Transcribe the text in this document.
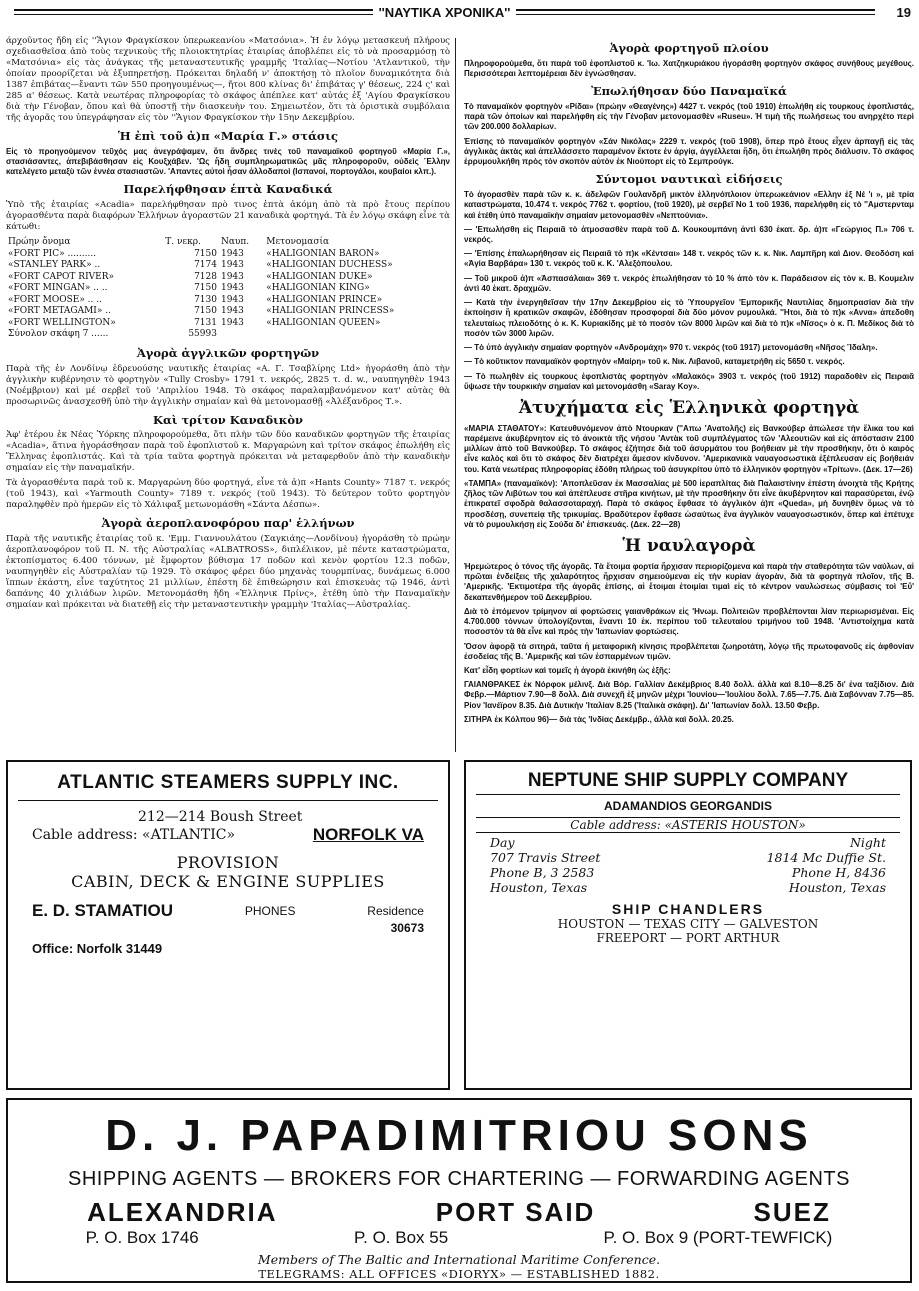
''ΝΑΥΤΙΚΑ ΧΡΟΝΙΚΑ''	19

άρχοῦντος ἤδη εἰς ''Ἅγιον Φραγκίσκον ὑπερωκεανίου «Ματσόνια». Ἡ ἐν λόγῳ μετασκευή πλήρους σχεδιασθεῖσα ἀπὸ τοὺς τεχνικοὺς τῆς πλοιοκτητρίας ἑταιρίας ἀποβλέπει εἰς τὸ νὰ προσαρμόσῃ τὸ «Ματσόνια» εἰς τὰς ἀνάγκας τῆς μεταναστευτικῆς γραμμῆς 'Ιταλίας—Νοτίου 'Ατλαντικοῦ, τὴν ὁποίαν προορίζεται νὰ ἐξυπηρετήσῃ. Πρόκειται δηλαδή ν' ἀποκτήσῃ τὸ πλοῖον δυναμικότητα διὰ 1387 ἐπιβάτας—ἔναντι τῶν 550 προηγουμένως—, ἤτοι 800 κλίνας δι' ἐπιβάτας γ' θέσεως, 224 ς' καὶ 285 α' θέσεως. Κατὰ νεωτέρας πληροφορίας τὸ σκάφος ἀπέπλεε κατ' αὐτάς ἐξ 'Αγίου Φραγκίσκου διὰ τὴν Γένοβαν, ὅπου καὶ θὰ ὑποστῇ τὴν διασκευὴν του. Σημειωτέον, ὅτι τὰ ὁριστικὰ συμβόλαια τῆς ἀγορᾶς του ὑπεγράφησαν εἰς τὸν ''Ἅγιον Φραγκίσκον τὴν 15ην Δεκεμβρίου.

Ἡ ἐπὶ τοῦ ἀ)π «Μαρία Γ.» στάσις

Εἰς τὸ προηγούμενον τεῦχός μας ἀνεγράψαμεν, ὅτι ἄνδρες τινὲς τοῦ παναμαϊκοῦ φορτηγοῦ «Μαρία Γ.», στασιάσαντες, ἀπεβιβάσθησαν εἰς Κουξχάβεν. 'Ως ἤδη συμπληρωματικῶς μᾶς πληροφοροῦν, οὐδεὶς Ἕλλην κατελέγετο μεταξὺ τῶν ἐννέα στασιαστῶν. 'Απαντες αὐτοὶ ἦσαν ἀλλοδαποὶ (Ισπανοί, πορτογάλοι, κουβαίοι κλπ.).

Παρελήφθησαν ἑπτὰ Καναδικά

Ὑπὸ τῆς ἑταιρίας «Acadia» παρελήφθησαν πρὸ τινος ἑπτὰ ἀκόμη ἀπὸ τὰ πρὸ ἔτους περίπου ἀγορασθέντα παρὰ διαφόρων Ἑλλήνων ἀγοραστῶν 21 καναδικὰ φορτηγά. Τὰ ἐν λόγῳ σκάφη εἶνε τὰ κάτωθι:

Πρώην ὄνομα	Τ. νεκρ.	Ναυπ.	Μετονομασία
«FORT PIC» ..........	7150	1943	«HALIGONIAN BARON»
«STANLEY PARK» ..	7174	1943	«HALIGONIAN DUCHESS»
«FORT CAPOT RIVER»	7128	1943	«HALIGONIAN DUKE»
«FORT MINGAN» .. ..	7150	1943	«HALIGONIAN KING»
«FORT MOOSE» .. ..	7130	1943	«HALIGONIAN PRINCE»
«FORT METAGAMI» ..	7150	1943	«HALIGONIAN PRINCESS»
«FORT WELLINGTON»	7131	1943	«HALIGONIAN QUEEN»
Σύνολον σκάφη 7 ......	55993		
Ἀγορὰ ἀγγλικῶν φορτηγῶν

Παρὰ τῆς ἐν Λονδίνῳ ἐδρευούσης ναυτικῆς ἑταιρίας «Α. Γ. Τσαβλίρης Ltd» ἠγοράσθη ἀπὸ τὴν ἀγγλικὴν κυβέρνησιν τὸ φορτηγὸν «Tully Crosby» 1791 τ. νεκρός, 2825 τ. d. w., ναυπηγηθὲν 1943 (Νοέμβριον) καὶ μέ σερβεῖ τοῦ 'Απριλίου 1948. Τὸ σκάφος παραλαμβανόμενον κατ' αὐτὰς θὰ προσωρινῶς ἀνασχεσθῆ ὑπὸ τὴν ἀγγλικὴν σημαίαν καὶ θὰ μετονομασθῇ «Ἀλέξανδρος Τ.».

Καὶ τρίτον Καναδικὸν

Ἀφ' ἑτέρου ἐκ Νέας Ὑόρκης πληροφορούμεθα, ὅτι πλὴν τῶν δύο καναδικῶν φορτηγῶν τῆς ἑταιρίας «Acadia», ἅτινα ἠγοράσθησαν παρὰ τοῦ ἐφοπλιστοῦ κ. Μαργαρώνη καὶ τρίτον σκάφος ἐπωλήθη εἰς Ἕλληνας ἐφοπλιστάς. Καὶ τὰ τρία ταῦτα φορτηγὰ πρόκειται νὰ μεταφερθοῦν ἀπὸ τὴν καναδικὴν σημαίαν εἰς τὴν παναμαϊκήν.

Τὰ ἀγορασθέντα παρὰ τοῦ κ. Μαργαρώνη δύο φορτηγά, εἶνε τὰ ἀ)π «Hants County» 7187 τ. νεκρός (τοῦ 1943), καὶ «Yarmouth County» 7189 τ. νεκρός (τοῦ 1943). Τὸ δεύτερον τοῦτο φορτηγὸν παραληφθὲν πρὸ ἡμερῶν εἰς τὸ Χάλιφαξ μετωνομάσθη «Σάντα Δέσπω».

Ἀγορὰ ἀεροπλανοφόρου παρ' ἑλλήνων

Παρὰ τῆς ναυτικῆς ἑταιρίας τοῦ κ. 'Εμμ. Γιαννουλάτου (Σαγκιάης—Λονδίνου) ἠγοράσθη τὸ πρώην ἀεροπλανοφόρον τοῦ Π. Ν. τῆς Αὐστραλίας «ALBATROSS», διπλέλικον, μὲ πέντε καταστρώματα, ἐκτοπίσματος 6.400 τόννων, μὲ ἔμφορτον βύθισμα 17 ποδῶν καὶ κενὸν φορτίου 12.3 ποδῶν, ναυπηγηθὲν εἰς Αὐστραλίαν τῷ 1929. Τὸ σκάφος φέρει δύο μηχανὰς τουρμπίνας, δυνάμεως 6.000 ἵππων ἑκάστη, εἶνε ταχύτητος 21 μιλλίων, ἐπέστη δὲ ἐπιθεώρησιν καὶ ἐπισκευὰς τῷ 1946, ἀντὶ δαπάνης 40 χιλιάδων λιρῶν. Μετονομάσθη ἤδη «Ἑλληνικ Πρίνς», ἐτέθη ὑπὸ τὴν Παναμαϊκὴν σημαίαν καὶ πρόκειται νὰ διατεθῇ εἰς τὴν μεταναστευτικὴν γραμμὴν 'Ιταλίας—Αὐστραλίας.

Ἀγορὰ φορτηγοῦ πλοίου

Πληροφορούμεθα, ὅτι παρὰ τοῦ ἐφοπλιστοῦ κ. 'Ιω. Χατζηκυριάκου ἠγοράσθη φορτηγὸν σκάφος συνήθους μεγέθους. Περισσότεραι λεπτομέρειαι δὲν ἐγνώσθησαν.

Ἐπωλήθησαν δύο Παναμαϊκά

Τὸ παναμαϊκὸν φορτηγὸν «Ρίδαι» (πρώην «Θεαγένης») 4427 τ. νεκρός (τοῦ 1910) ἐπωλήθη εἰς τουρκους ἐφοπλιστάς, παρὰ τῶν ὁποίων καὶ παρελήφθη εἰς τὴν Γένοβαν μετονομασθὲν «Ruseu». Ἡ τιμὴ τῆς πωλήσεως του ανηρχέτο περὶ τῶν 200.000 δολλαρίων.

Ἐπίσης τὸ παναμαϊκὸν φορτηγὸν «Σάν Νικόλας» 2229 τ. νεκρός (τοῦ 1908), ὅπερ πρὸ ἔτους εἶχεν ἀρπαγῇ εἰς τὰς ἀγγλικὰς ἀκτὰς καὶ ἀπελλάσσετο παραμένον ἔκτοτε ἐν ἀργίᾳ, ἀγγέλλεται ἤδη, ὅτι ἐπωλήθη πρὸς διάλυσιν. Τὸ σκάφος ἐρρυμουλκήθη πρὸς τὸν σκοπὸν αὐτὸν ἐκ Νιούπορτ εἰς τὸ Σεμπρούγκ.

Σύντομοι ναυτικαὶ εἰδήσεις

Τὸ ἀγορασθὲν παρὰ τῶν κ. κ. ἀδελφῶν Γουλανδρῆ μικτὸν ἑλληνόπλοιον ὑπερωκεάνιον «Ελλην ἐξ Νέ 'ι », μὲ τρία καταστρώματα, 10.474 τ. νεκρός 7762 τ. φορτίου, (τοῦ 1920), μὲ σερβεῖ Νο 1 τοῦ 1936, παρελήφθη εἰς τὸ ''Αμστερνταμ καὶ ἐτέθη ὑπὸ παναμαϊκὴν σημαίαν μετονομασθὲν «Νεπτούνια».

— 'Επωλήσθη εἰς Πειραιᾶ τὸ ἀτμοσασθὲν παρὰ τοῦ Δ. Κουκουμπάνη ἀντὶ 630 ἑκατ. δρ. ἀ)π «Γεώργιος Π.» 706 τ. νεκρός.

— 'Επίσης ἐπαλωρήθησαν εἰς Πειραιᾶ τὸ π)κ «Κέντσαι» 148 τ. νεκρός τῶν κ. κ. Νικ. Λαμπῆρη καὶ Διον. Θεοδόση καὶ «Ἁγία Βαρβάρα» 130 τ. νεκρός τοῦ κ. Κ. 'Αλεξόπουλου.

— Τοῦ μικροῦ ἀ)π «Ἁσπασάλαια» 369 τ. νεκρός ἐπωλήθησαν τὸ 10 % ἀπὸ τὸν κ. Παράδεισον εἰς τὸν κ. Β. Κουμελιν ἀντὶ 40 ἑκατ. δραχμῶν.

— Κατὰ τὴν ἐνεργηθεῖσαν τὴν 17ην Δεκεμβρίου εἰς τὸ Ὑπουργεῖον 'Εμπορικῆς Ναυτιλίας δημοπρασίαν διὰ τὴν ἐκποίησιν ἢ κρατικῶν σκαφῶν, ἐδόθησαν προσφοραί διὰ δύο μόνον ρυμουλκά. ''Ητοι, διὰ τὸ π)κ «Αννα» ἀπεδοθη τελευταίως πλειοδότης ὁ κ. Κ. Κυριακίδης μὲ τὸ ποσὸν τῶν 8000 λιρῶν καὶ διὰ τὸ π)κ «Νῖσος» ὁ κ. Π. Μεδίκος διὰ τὸ ποσὸν τῶν 3000 λιρῶν.

— Τὸ ὑπὸ ἀγγλικὴν σημαίαν φορτηγὸν «Ανδρομάχη» 970 τ. νεκρός (τοῦ 1917) μετονομάσθη «Νῆσος Ἴδαλη».

— Τὸ κοῦτικτον παναμαϊκὸν φορτηγὸν «Μαίρη» τοῦ κ. Νικ. Λιβανοῦ, καταμετρήθη εἰς 5650 τ. νεκρός.

— Τὸ πωληθὲν εἰς τουρκους ἐφοπλιστὰς φορτηγὸν «Μαλακός» 3903 τ. νεκρός (τοῦ 1912) παραδοθὲν εἰς Πειραιᾶ ὕψωσε τὴν τουρκικὴν σημαίαν καὶ μετονομάσθη «Saray Koy».

Ἀτυχήματα εἰς Ἑλληνικὰ φορτηγὰ

«ΜΑΡΙΑ ΣΤΑΘΑΤΟΥ»: Κατευθυνόμενον ἀπὸ Ντουρκαν (''Απω 'Ανατολῆς) εἰς Βανκούβερ ἀπώλεσε τὴν ἕλικα του καὶ παρέμεινε ἀκυβέρνητον εἰς τὸ ἀνοικτὰ τῆς νήσου 'Αντὰκ τοῦ συμπλέγματος τῶν 'Αλεουτιῶν καὶ εἰς ἀπόστασιν 2100 μιλλίων ἀπὸ τοῦ Βανκούβερ. Τὸ σκάφος ἐζήτησε διὰ τοῦ ἀσυρμάτου του βοήθειαν μὲ τὴν προσθήκην, ὅτι ὁ καιρὸς εἶνε καλὸς καὶ ὅτι τὸ σκάφος δὲν διατρέχει ἄμεσον κίνδυνον. 'Αμερικανικὰ ναυαγοσωστικὰ ἐξέπλευσαν εἰς βοήθειάν του. Κατὰ νεωτέρας πληροφορίας ἐδόθη πλήρως τοῦ ἀσυγκρίτου ὑπὸ τὸ ἑλληνικὸν φορτηγὸν «Τρίτων». (Δεκ. 17—26)

«ΤΑΜΠΑ» (παναμαϊκόν): 'Αποπλεῦσαν ἐκ Μασσαλίας μὲ 500 ἱεραπλίτας διὰ Παλαιστίνην ἐπέστη ἀνοιχτὰ τῆς Κρήτης ζῆλος τῶν Λιβύτων του καὶ ἀπέπλευσε στῆρα κινήτων, μὲ τὴν προσθήκην ὅτι εἶνε ἀκυβέρνητον καὶ παρασύρεται, ἐνῷ ἐπικρατεῖ σφοδρὰ θαλασσοταραχή. Παρὰ τὸ σκάφος ἔφθασε τὸ ἀγγλικὸν ἀ)π «Queda», μὴ δυνηθὲν ὅμως νὰ τὸ προσδέσῃ, συνεπείᾳ τῆς τρικυμίας. Βραδύτερον ἔφθασε ὡσαύτως ἕνα ἀγγλικὸν ναυαγοσωστικόν, ὅπερ καὶ ἐπέτυχε νὰ τὸ ρυμουλκήσῃ εἰς Σούδα δι' ἐπισκευάς. (Δεκ. 22—28)

Ἡ ναυλαγορὰ

Ἠρεμώτερος ὁ τόνος τῆς ἀγορᾶς. Τὰ ἕτοιμα φορτία ἤρχισαν περιορίζομενα καὶ παρὰ τὴν σταθερότητα τῶν ναύλων, αἱ πρῶται ἐνδείξεις τῆς χαλαρότητος ἤρχισαν σημειούμεναι εἰς τὴν κυρίαν ἀγορὰν, διὰ τὰ φορτηγὰ πλοῖον, τῆς Β. 'Αμερικῆς. 'Εκτιμοτέρα τῆς ἀγορᾶς ἐπίσης, αἱ ἕτοιμαι ἑτοιμίαι τιμαὶ εἰς τὸ κέντρον ναυλώσεως σύμβασις τοὶ 'Εὔ' δεκαπενθήμερον τοῦ Δεκεμβρίου.

Διὰ τὸ ἐπόμενον τρίμηνον αἱ φορτώσεις γαιανθράκων εἰς 'Ηνωμ. Πολιτειῶν προβλέπονται λίαν περιωρισμέναι. Εἰς 4.700.000 τόννων ὑπολογίζονται, ἔναντι 10 ἑκ. περίπου τοῦ τελευταίου τριμήνου τοῦ 1948. 'Αντιστοίχημα κατὰ ποσοστὸν τὰ θὰ εἶνε καὶ πρὸς τὴν 'Ιαπωνίαν φορτώσεις.

Ὅσον ἀφορᾷ τὰ σιτηρά, ταῦτα ἡ μεταφορικὴ κίνησις προβλέπεται ζωηροτάτη, λόγῳ τῆς πρωτοφανοῦς εἰς ἀφθονίαν ἐσοδείας τῆς Β. 'Αμερικῆς καὶ τῶν ἐσπαρμένων τιμῶν.

Κατ' εἶδη φορτίων καὶ τομεῖς ἡ ἀγορὰ ἐκινήθη ὡς ἑξῆς:

ΓΑΙΑΝΘΡΑΚΕΣ ἐκ Νόρφοκ μέλινξ. Διὰ Βόρ. Γαλλίαν Δεκέμβριος 8.40 δολλ. ἀλλὰ καὶ 8.10—8.25 δι' ἐνα ταξίδιον. Διὰ Φεβρ.—Μάρτιον 7.90—8 δολλ. Διὰ συνεχῆ ἐξ μηνῶν μέχρι 'Ιουνίου—'Ιουλίου δολλ. 7.65—7.75. Διὰ Σαβόνναν 7.75—85. Ρίον 'Ιανέϊρον 8.35. Διὰ Δυτικὴν 'Ιταλίαν 8.25 ('Ιταλικὰ σκάφη). Δι' 'Ιαπωνίαν δολλ. 13.50 Φεβρ.

ΣΙΤΗΡΑ ἐκ Κόλπου 96)— διὰ τὰς 'Ινδίας Δεκέμβρ., ἀλλὰ καὶ δολλ. 20.25.

ATLANTIC STEAMERS SUPPLY INC.
212—214 Boush Street
Cable address: «ATLANTIC»	NORFOLK VA
PROVISION
CABIN, DECK & ENGINE SUPPLIES
E. D. STAMATIOU	PHONES	Residence
30673
Office: Norfolk 31449
NEPTUNE SHIP SUPPLY COMPANY
ADAMANDIOS GEORGANDIS
Cable address: «ASTERIS HOUSTON»
Day
707 Travis Street
Phone B, 3 2583
Houston, Texas
Night
1814 Mc Duffie St.
Phone H, 8436
Houston, Texas
SHIP CHANDLERS
HOUSTON — TEXAS CITY — GALVESTON
FREEPORT — PORT ARTHUR
D. J. PAPADIMITRIOU SONS
SHIPPING AGENTS — BROKERS FOR CHARTERING — FORWARDING AGENTS
ALEXANDRIA	PORT SAID	SUEZ
P. O. Box 1746	P. O. Box 55	P. O. Box 9 (PORT-TEWFICK)
Members of The Baltic and International Maritime Conference.
TELEGRAMS: ALL OFFICES «DIORYX» — ESTABLISHED 1882.
